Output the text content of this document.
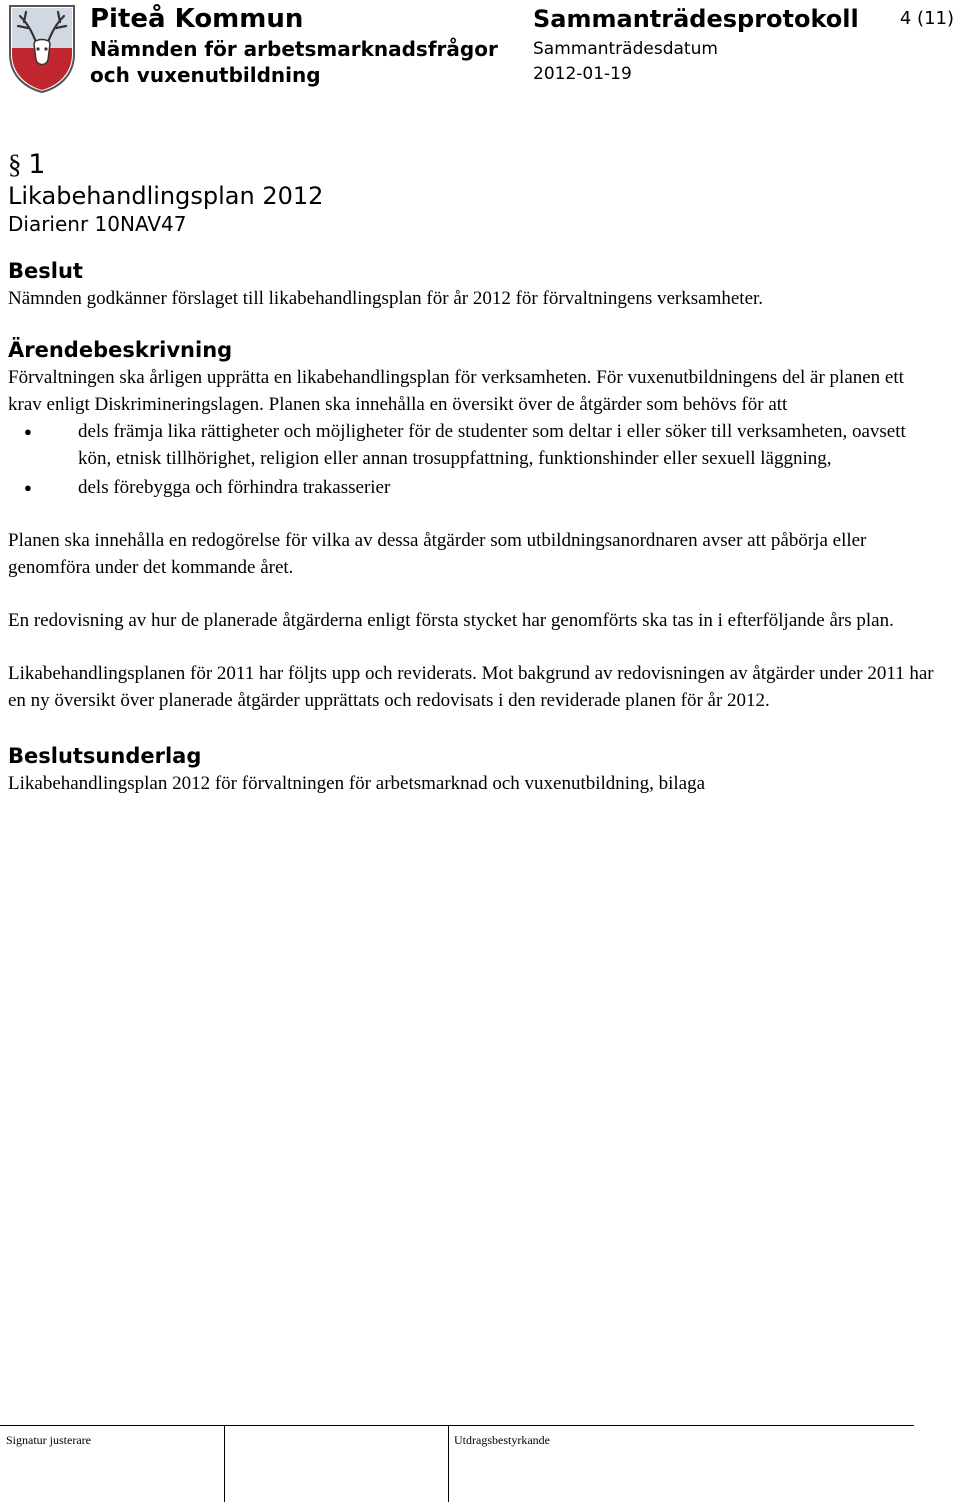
Piteå Kommun
Nämnden för arbetsmarknadsfrågor
och vuxenutbildning
Sammanträdesprotokoll
Sammanträdesdatum
2012-01-19
4 (11)
§ 1
Likabehandlingsplan 2012
Diarienr 10NAV47
Beslut

Nämnden godkänner förslaget till likabehandlingsplan för år 2012 för förvaltningens verksamheter.

Ärendebeskrivning

Förvaltningen ska årligen upprätta en likabehandlingsplan för verksamheten. För vuxenutbildningens del är planen ett krav enligt Diskrimineringslagen. Planen ska innehålla en översikt över de åtgärder som behövs för att

● dels främja lika rättigheter och möjligheter för de studenter som deltar i eller söker till verksamheten, oavsett kön, etnisk tillhörighet, religion eller annan trosuppfattning, funktionshinder eller sexuell läggning,
● dels förebygga och förhindra trakasserier

Planen ska innehålla en redogörelse för vilka av dessa åtgärder som utbildningsanordnaren avser att påbörja eller genomföra under det kommande året.

En redovisning av hur de planerade åtgärderna enligt första stycket har genomförts ska tas in i efterföljande års plan.

Likabehandlingsplanen för 2011 har följts upp och reviderats. Mot bakgrund av redovisningen av åtgärder under 2011 har en ny översikt över planerade åtgärder upprättats och redovisats i den reviderade planen för år 2012.

Beslutsunderlag

Likabehandlingsplan 2012 för förvaltningen för arbetsmarknad och vuxenutbildning, bilaga

Signatur justerare	Utdragsbestyrkande
